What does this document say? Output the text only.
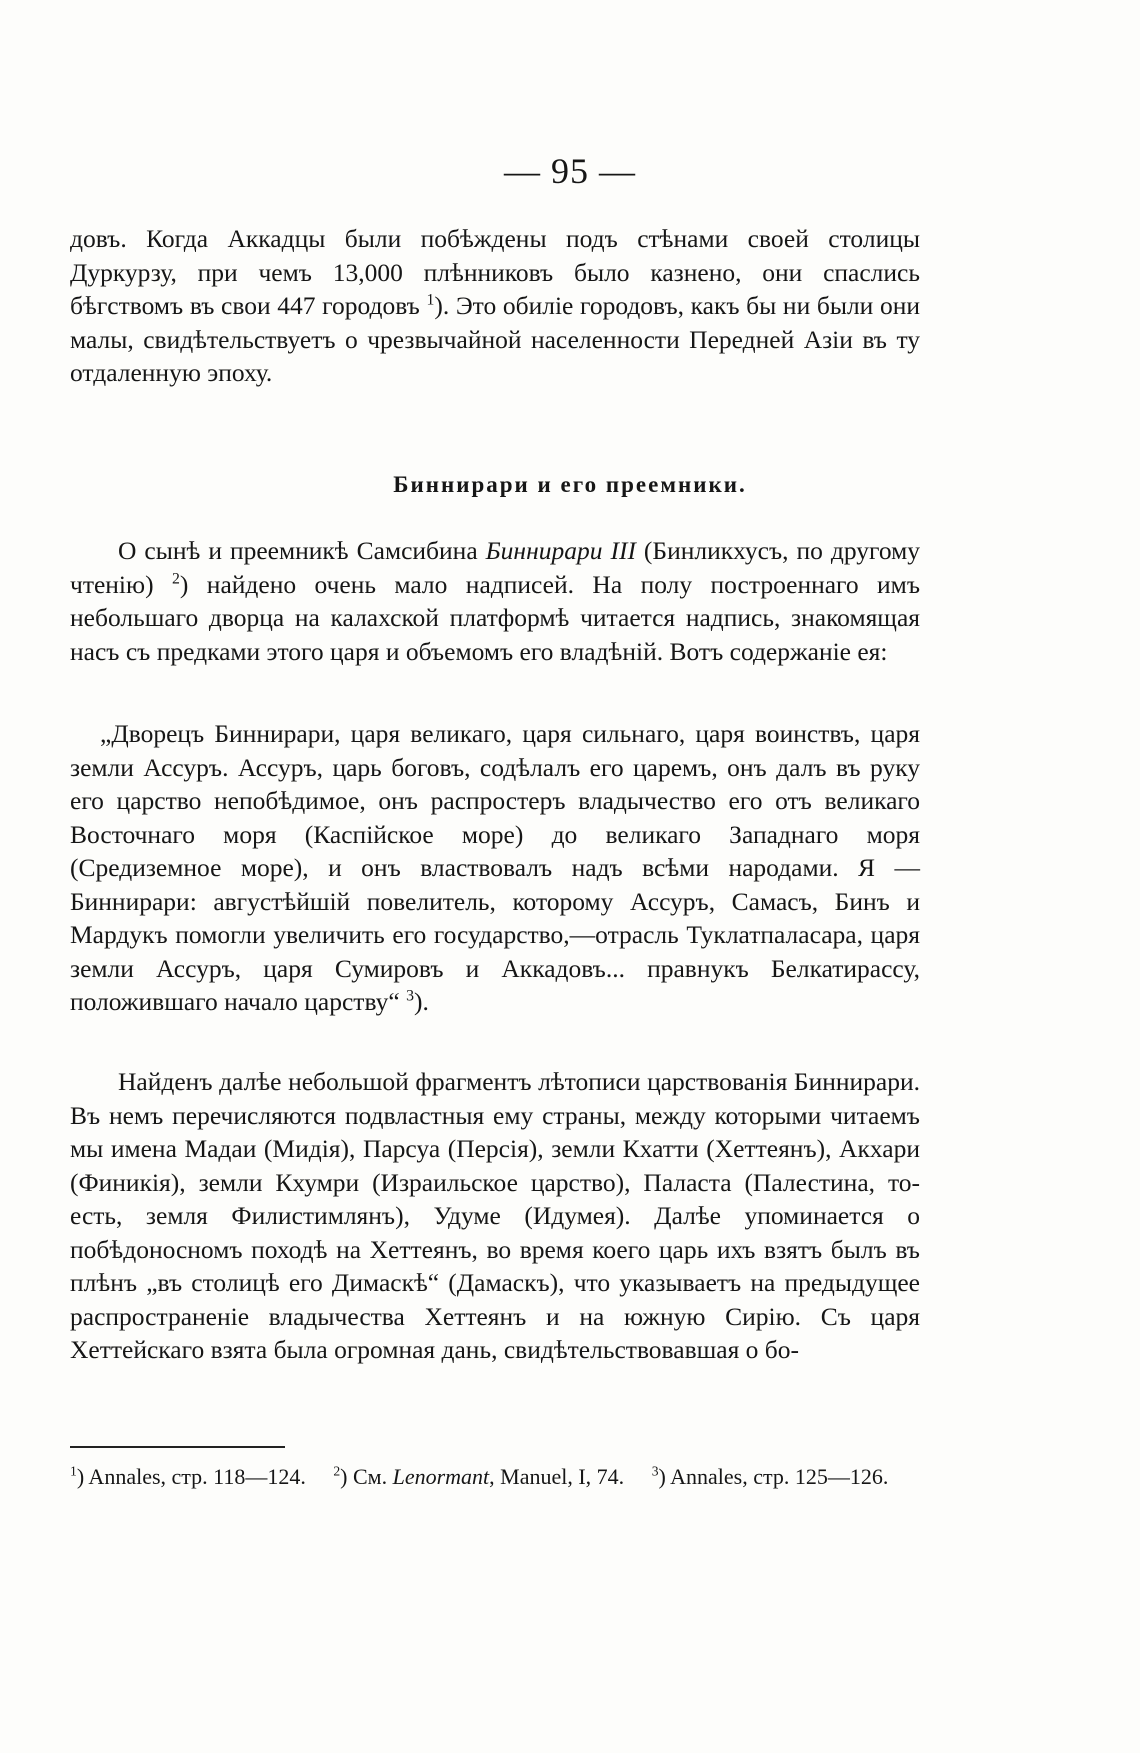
— 95 —
довъ. Когда Аккадцы были побѣждены подъ стѣнами своей столицы Дуркурзу, при чемъ 13,000 плѣнниковъ было казнено, они спаслись бѣгствомъ въ свои 447 городовъ $^1$). Это обиліе городовъ, какъ бы ни были они малы, свидѣтельствуетъ о чрезвычайной населенности Передней Азіи въ ту отдаленную эпоху.
Биннирари и его преемники.
О сынѣ и преемникѣ Самсибина Биннирари III (Бинликхусъ, по другому чтенію) $^2$) найдено очень мало надписей. На полу построеннаго имъ небольшаго дворца на калахской платформѣ читается надпись, знакомящая насъ съ предками этого царя и объемомъ его владѣній. Вотъ содержаніе ея:
„Дворецъ Биннирари, царя великаго, царя сильнаго, царя воинствъ, царя земли Ассуръ. Ассуръ, царь боговъ, содѣлалъ его царемъ, онъ далъ въ руку его царство непобѣдимое, онъ распростеръ владычество его отъ великаго Восточнаго моря (Каспійское море) до великаго Западнаго моря (Средиземное море), и онъ властвовалъ надъ всѣми народами. Я — Биннирари: августѣйшій повелитель, которому Ассуръ, Самасъ, Бинъ и Мардукъ помогли увеличить его государство,—отрасль Туклатпаласара, царя земли Ассуръ, царя Сумировъ и Аккадовъ... правнукъ Белкатирассу, положившаго начало царству“ $^3$).
Найденъ далѣе небольшой фрагментъ лѣтописи царствованія Биннирари. Въ немъ перечисляются подвластныя ему страны, между которыми читаемъ мы имена Мадаи (Мидія), Парсуа (Персія), земли Кхатти (Хеттеянъ), Акхари (Финикія), земли Кхумри (Израильское царство), Паласта (Палестина, то-есть, земля Филистимлянъ), Удуме (Идумея). Далѣе упоминается о побѣдоносномъ походѣ на Хеттеянъ, во время коего царь ихъ взятъ былъ въ плѣнъ „въ столицѣ его Димаскѣ“ (Дамаскъ), что указываетъ на предыдущее распространеніе владычества Хеттеянъ и на южную Сирію. Съ царя Хеттейскаго взята была огромная дань, свидѣтельствовавшая о бо-
$^1$) Annales, стр. 118—124. $^2$) См. Lenormant, Manuel, I, 74. $^3$) Annales, стр. 125—126.
